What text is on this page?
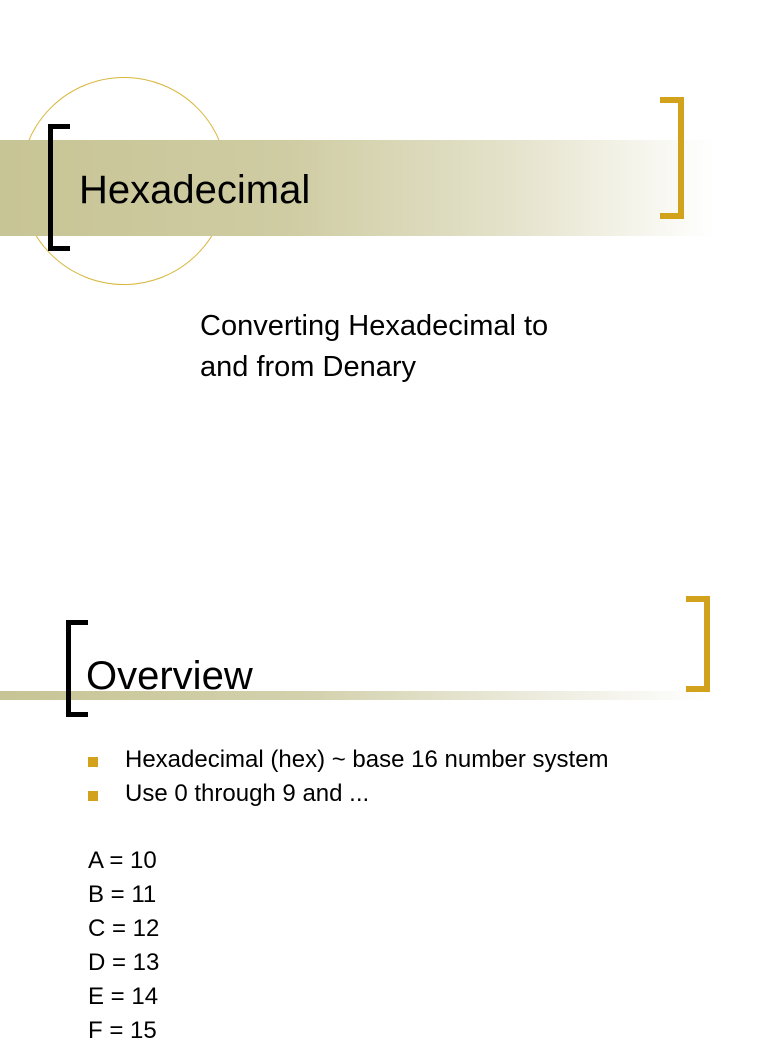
Hexadecimal
Converting Hexadecimal to
and from Denary
Overview
Hexadecimal (hex) ~ base 16 number system
Use 0 through 9 and ...
A = 10
B = 11
C = 12
D = 13
E = 14
F = 15
